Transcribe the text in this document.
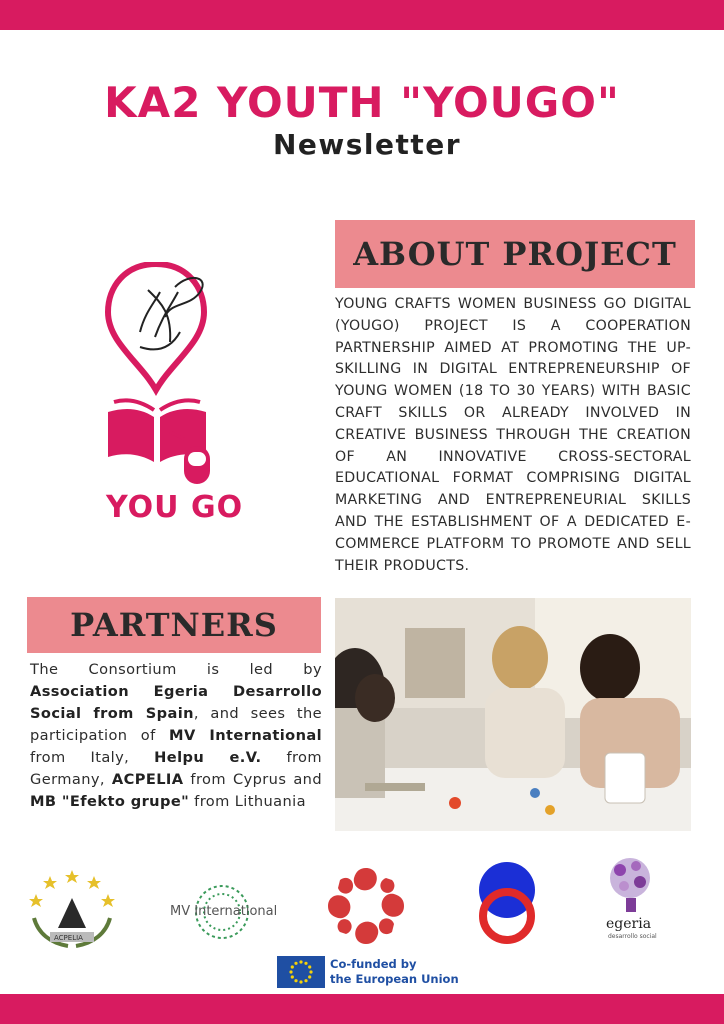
KA2 YOUTH "YOUGO"
Newsletter
YOU GO
ABOUT PROJECT
YOUNG CRAFTS WOMEN BUSINESS GO DIGITAL (YOUGO) PROJECT IS A COOPERATION PARTNERSHIP AIMED AT PROMOTING THE UP-SKILLING IN DIGITAL ENTREPRENEURSHIP OF YOUNG WOMEN (18 TO 30 YEARS) WITH BASIC CRAFT SKILLS OR ALREADY INVOLVED IN CREATIVE BUSINESS THROUGH THE CREATION OF AN INNOVATIVE CROSS-SECTORAL EDUCATIONAL FORMAT COMPRISING DIGITAL MARKETING AND ENTREPRENEURIAL SKILLS AND THE ESTABLISHMENT OF A DEDICATED E-COMMERCE PLATFORM TO PROMOTE AND SELL THEIR PRODUCTS.
PARTNERS
The Consortium is led by Association Egeria Desarrollo Social from Spain, and sees the participation of MV International from Italy, Helpu e.V. from Germany, ACPELIA from Cyprus and MB "Efekto grupe" from Lithuania
ACPELIA
MV International
egeria
desarrollo social
Co-funded by
the European Union
